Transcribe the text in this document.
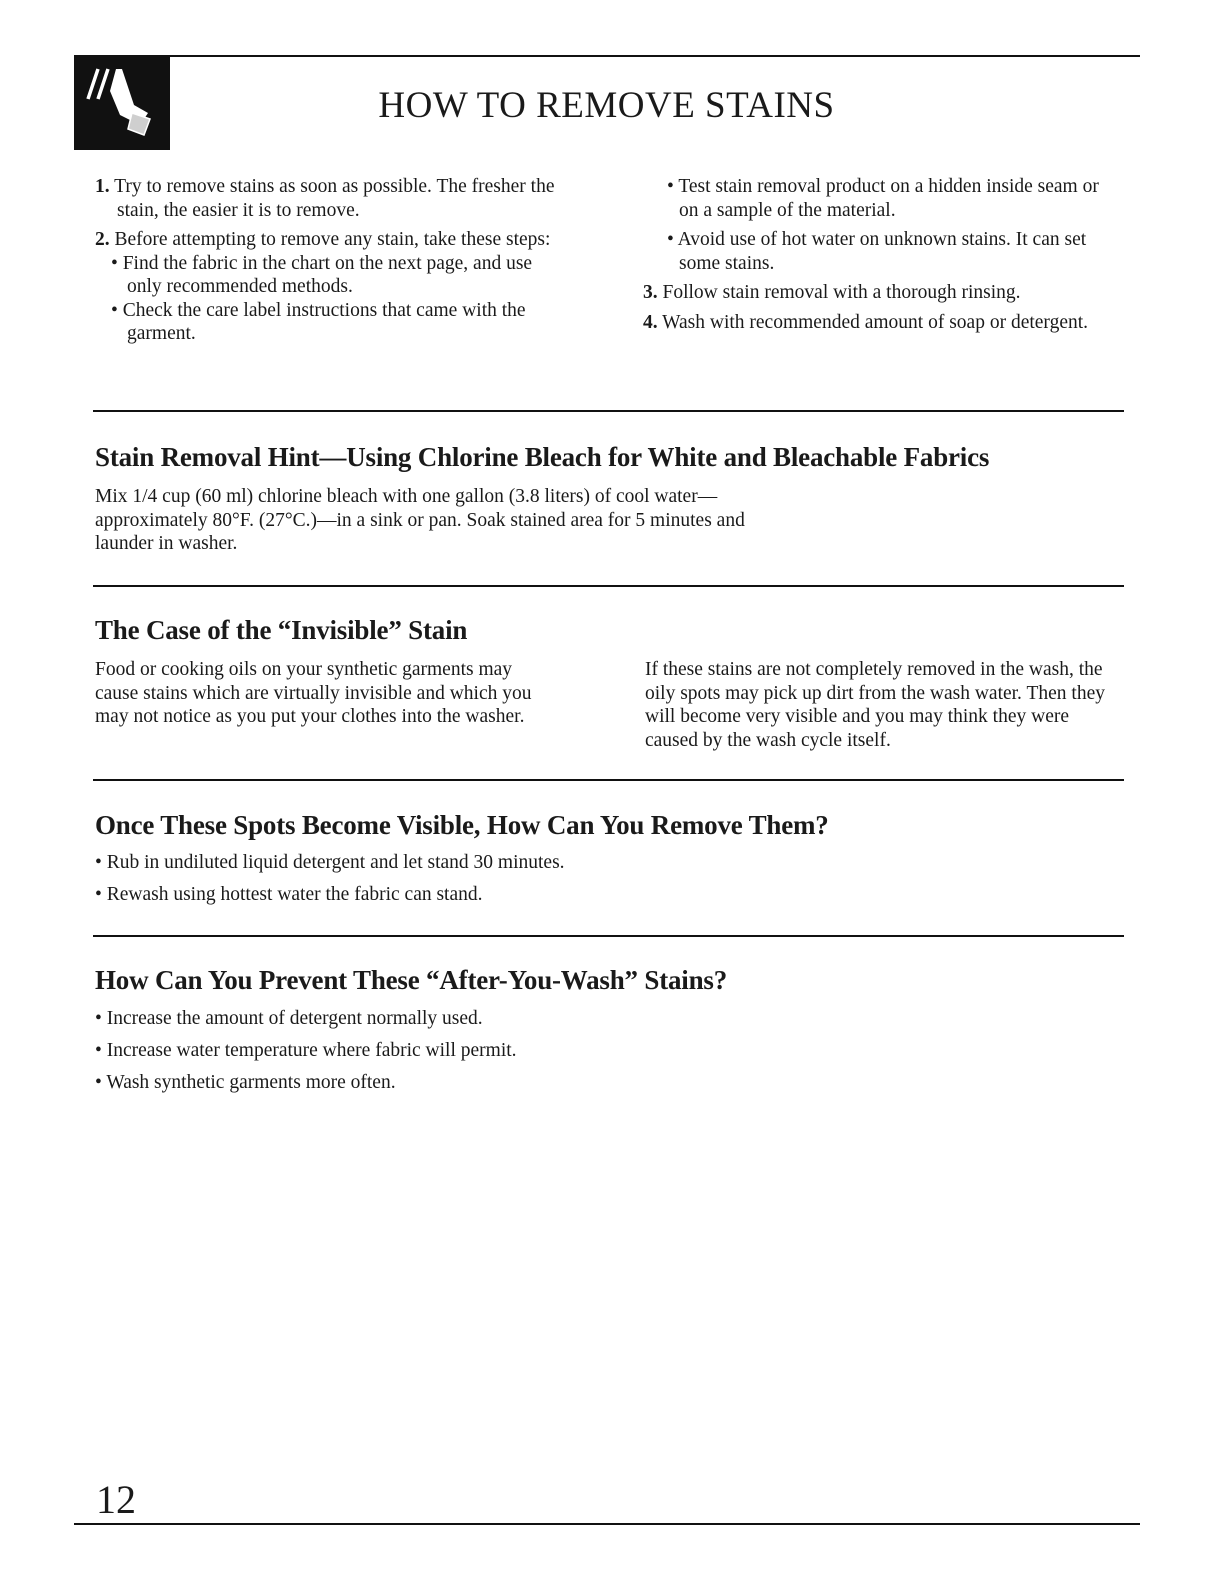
HOW TO REMOVE STAINS

1. Try to remove stains as soon as possible. The fresher the stain, the easier it is to remove.

2. Before attempting to remove any stain, take these steps:

• Find the fabric in the chart on the next page, and use only recommended methods.

• Check the care label instructions that came with the garment.

• Test stain removal product on a hidden inside seam or on a sample of the material.

• Avoid use of hot water on unknown stains. It can set some stains.

3. Follow stain removal with a thorough rinsing.

4. Wash with recommended amount of soap or detergent.

Stain Removal Hint—Using Chlorine Bleach for White and Bleachable Fabrics

Mix 1/4 cup (60 ml) chlorine bleach with one gallon (3.8 liters) of cool water—approximately 80°F. (27°C.)—in a sink or pan. Soak stained area for 5 minutes and launder in washer.

The Case of the “Invisible” Stain

Food or cooking oils on your synthetic garments may cause stains which are virtually invisible and which you may not notice as you put your clothes into the washer.

If these stains are not completely removed in the wash, the oily spots may pick up dirt from the wash water. Then they will become very visible and you may think they were caused by the wash cycle itself.

Once These Spots Become Visible, How Can You Remove Them?
• Rub in undiluted liquid detergent and let stand 30 minutes.
• Rewash using hottest water the fabric can stand.
How Can You Prevent These “After-You-Wash” Stains?
• Increase the amount of detergent normally used.
• Increase water temperature where fabric will permit.
• Wash synthetic garments more often.

12
